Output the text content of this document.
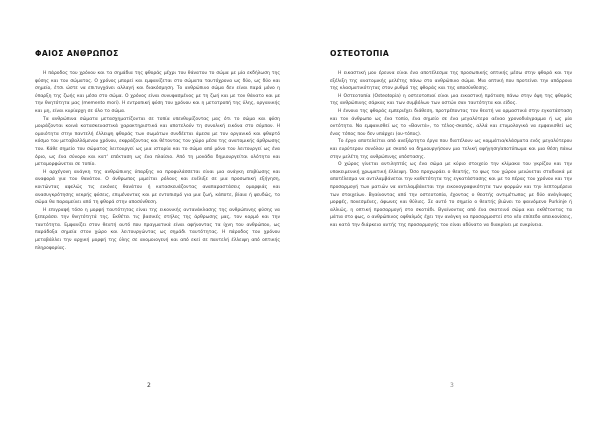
ΦΑΙΟΣ ΑΝΘΡΩΠΟΣ

Η πάροδος του χρόνου και τα σημάδια της φθοράς μέχρι του θάνατου το σώμα με μία εκδήλωση της φύσης και του σώματος. Ο χρόνος μπορεί και εμφανίζεται στο σώματα ταυτόχρονα ως δύο, ως δύο και σημείο, έτσι ώστε να επιτυγχάνει αλλαγή και διακόσμηση. Το ανθρώπινο σώμα δεν είναι παρά μόνο η ύπαρξη της ζωής και μέσα στο σώμα. Ο χρόνος είναι συνυφασμένος με τη ζωή και με τον θάνατο και με την θνητότητα μας (memento mori). Η εντροπική φύση του χρόνου και η μετατροπή της ύλης, οργανικής και μη, είναι κυρίαρχη σε όλο το σώμα.

Τα ανθρώπινα σώματα μετασχηματίζονται σε τοπία υπενθυμίζοντας μας ότι το σώμα και φύση μοιράζονται κοινά κατασκευαστικά χαρακτηριστικά και αποτελούν τη συνολική εικόνα στο σύμπαν. Η ομοιότητα στην παντελή έλλειψη φθοράς των σωμάτων συνδέεται άμεσα με τον οργανικό και φθαρτό κόσμο του μεταβαλλόμενου χρόνου, εκφράζοντας και θέτοντας τον χώρο μέσα της ανατομικής άρθρωσης του. Κάθε σημείο του σώματος λειτουργεί ως μια ιστορία και το σώμα από μόνο του λειτουργεί ως ένα όριο, ως ένα σύνορο και κατ' επέκταση ως ένα πλαίσιο. Από τη μονάδα δημιουργείται ολότητα και μεταμορφώνεται σε τοπίο.

Η αρχέγονη ανάγκη της ανθρώπινης ύπαρξης να προφυλάσσεται είναι μια ανάγκη επιβίωσης και αναφορά για του θανάτου. Ο άνθρωπος μιμείται ρόλους και ενέλιξε σε μια προσωπική εξήγηση, κοιτώντας αφελώς τις εικόνες θανάτου ή κατασκευάζοντας αναπαραστάσεις ομορφιάς και ανασυγκρότησης νεκρής φύσεις, επιμένοντας και με εντοπισμό για μια ζωή, κάποτε, βίαια ή ψευδώς, το σώμα θα παραμείνει από τη φθορά στην αποσύνθεση.

Η επιγραφή τόσο η μορφή ταυτότητας είναι της εικονικής αντανάκλασης της ανθρώπινης φύσης να ξεπεράσει την θνητότητά της. Εκθέτει τις βασικές στήλες της άρθρωσης μας, τον κορμό και την ταυτότητα. Εμφανίζει στον θεατή αυτό που πραγματικά είναι αφήνοντας τα ίχνη του ανθρώπου, ως παράδοξα σημεία στον χώρο και λειτουργώντας ως σημάδι ταυτότητας. Η πάροδος του χρόνου μεταβάλλει την αρχική μορφή της ύλης σε ανομοιογενή και από εκεί σε παντελή έλλειψη από οπτικής πληροφορίας.

2
ΟΣΤΕΟΤΟΠΙΑ

Η εικαστική μου έρευνα είναι ένα αποτέλεσμα της προσωπικής οπτικής μέσω στην φθορά και την εξέλιξη της ανατομικής μελέτης πάνω στο ανθρώπινο σώμα. Μια οπτική που προτείνει την απόρροια της κλασματικότητας στον ρυθμό της φθοράς και της αποσύνθεσης.

Η Οστεοτοπία (Osteotopia) η οστεοτοπιαί είναι μια εικαστική πρόταση πάνω στην όψη της φθοράς της ανθρώπινης σάρκας και των συμβόλων των οστών σαν ταυτότητα και είδος.

Η έννοια της φθοράς εμπεριέχει διάθεση, προτρέποντας τον θεατή να ορμαστικά στην εγκατάσταση και τον άνθρωπο ως ένα τοπίο, ένα σημείο σε ένα μεγαλύτερο αέναο χρονοδιάγραμμα ή ως μία οντότητα. Να εμφανισθεί ως το «Βανιτά», το τέλος-σκοπός, αλλά και ετυμολογικά να εμφανισθεί ως ένας τόπος που δεν υπάρχει (ου-τόπος).

Το έργο αποτελείται από ανεξάρτητα έργα που διατέλουν ως κομμάτια/κλάσματα ενός μεγαλύτερου και ευρύτερου συνόλου με σκοπό να δημιουργήσουν μια τελική αφήγηση/αποτύπωμα και μια θέση πάνω στην μελέτη της ανθρώπινης υπόστασης.

Ο χώρος γίνεται αντιληπτός ως ένα σώμα με κύριο στοιχείο την κλίμακα του γκρίζου και την υποκειμενική χρωματική έλλειψη. Όσο προχωράει ο θεατής, το φως του χώρου μειώνεται σταδιακά με αποτέλεσμα να αντιλαμβάνεται την καθετότητα της εγκατάστασης και με το πέρας του χρόνου και την προσαρμογή των ματιών να αντιλαμβάνεται την εικονογραφικότητα των φορμών και την λεπτομέρεια των στοιχείων. Βγαίνοντας από την οστεοτοπία, έχοντας ο θεατής αντιμέτωπος με δύο ανάγλυφες μορφές, πονεσμένες, άφωνες και θύλιες. Σε αυτό το σημείο ο θεατής βιώνει το φαινόμενο Purkinje ή αλλιώς, η οπτική προσαρμογή στο σκοτάδι. Βγαίνοντας από ένα σκοτεινό σώμα και εκθέτοντας τα μάτια στο φως, ο ανθρώπινος οφθαλμός έχει την ανάγκη να προσαρμοστεί στο νέο επίπεδο απεικονίσεις, και κατά την διάρκεια αυτής της προσαρμογής του είναι αδύνατο να διακρίνει με ευκρίνεια.

3
